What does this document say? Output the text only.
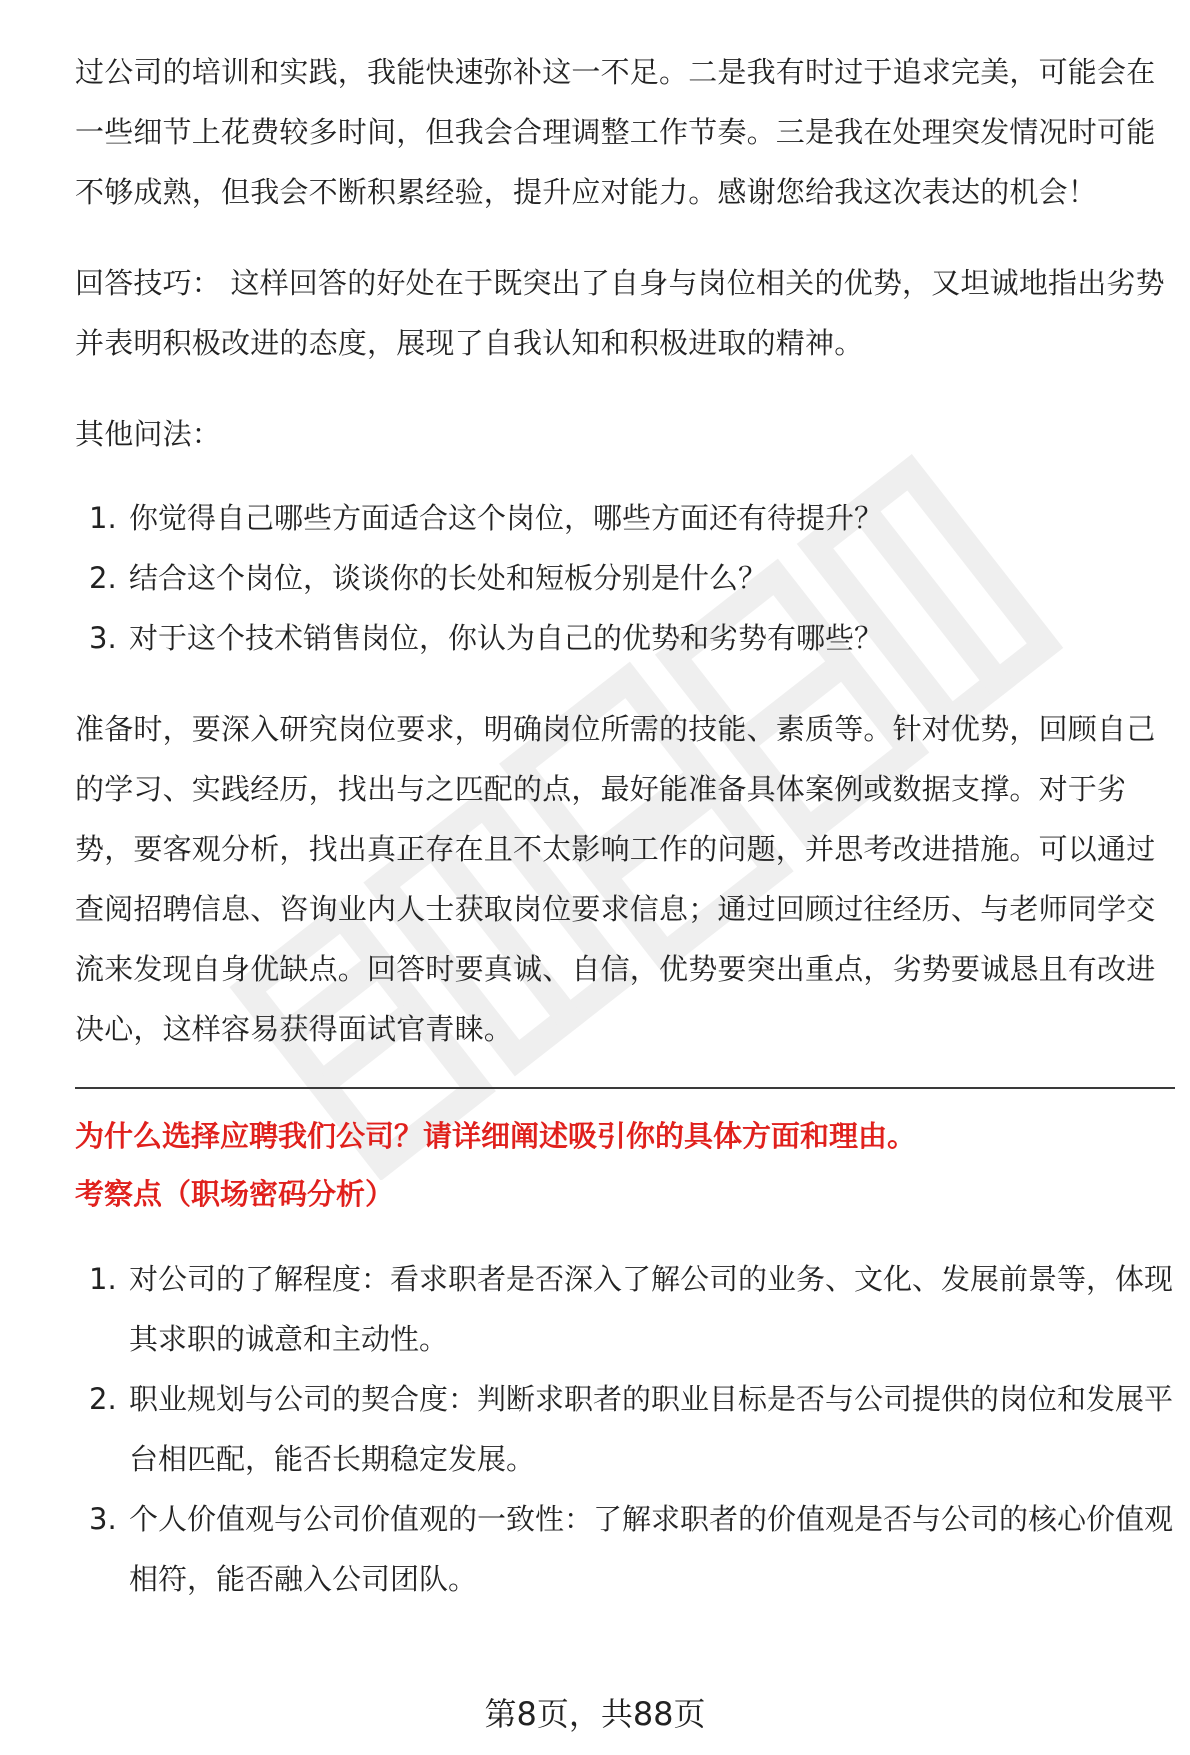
过公司的培训和实践，我能快速弥补这一不足。二是我有时过于追求完美，可能会在一些细节上花费较多时间，但我会合理调整工作节奏。三是我在处理突发情况时可能不够成熟，但我会不断积累经验，提升应对能力。感谢您给我这次表达的机会！

回答技巧： 这样回答的好处在于既突出了自身与岗位相关的优势，又坦诚地指出劣势并表明积极改进的态度，展现了自我认知和积极进取的精神。

其他问法：

1. 你觉得自己哪些方面适合这个岗位，哪些方面还有待提升？
2. 结合这个岗位，谈谈你的长处和短板分别是什么？
3. 对于这个技术销售岗位，你认为自己的优势和劣势有哪些？

准备时，要深入研究岗位要求，明确岗位所需的技能、素质等。针对优势，回顾自己的学习、实践经历，找出与之匹配的点，最好能准备具体案例或数据支撑。对于劣势，要客观分析，找出真正存在且不太影响工作的问题，并思考改进措施。可以通过查阅招聘信息、咨询业内人士获取岗位要求信息；通过回顾过往经历、与老师同学交流来发现自身优缺点。回答时要真诚、自信，优势要突出重点，劣势要诚恳且有改进决心，这样容易获得面试官青睐。

为什么选择应聘我们公司？请详细阐述吸引你的具体方面和理由。

考察点（职场密码分析）

1. 对公司的了解程度：看求职者是否深入了解公司的业务、文化、发展前景等，体现其求职的诚意和主动性。
2. 职业规划与公司的契合度：判断求职者的职业目标是否与公司提供的岗位和发展平台相匹配，能否长期稳定发展。
3. 个人价值观与公司价值观的一致性：了解求职者的价值观是否与公司的核心价值观相符，能否融入公司团队。
第8页，共88页
